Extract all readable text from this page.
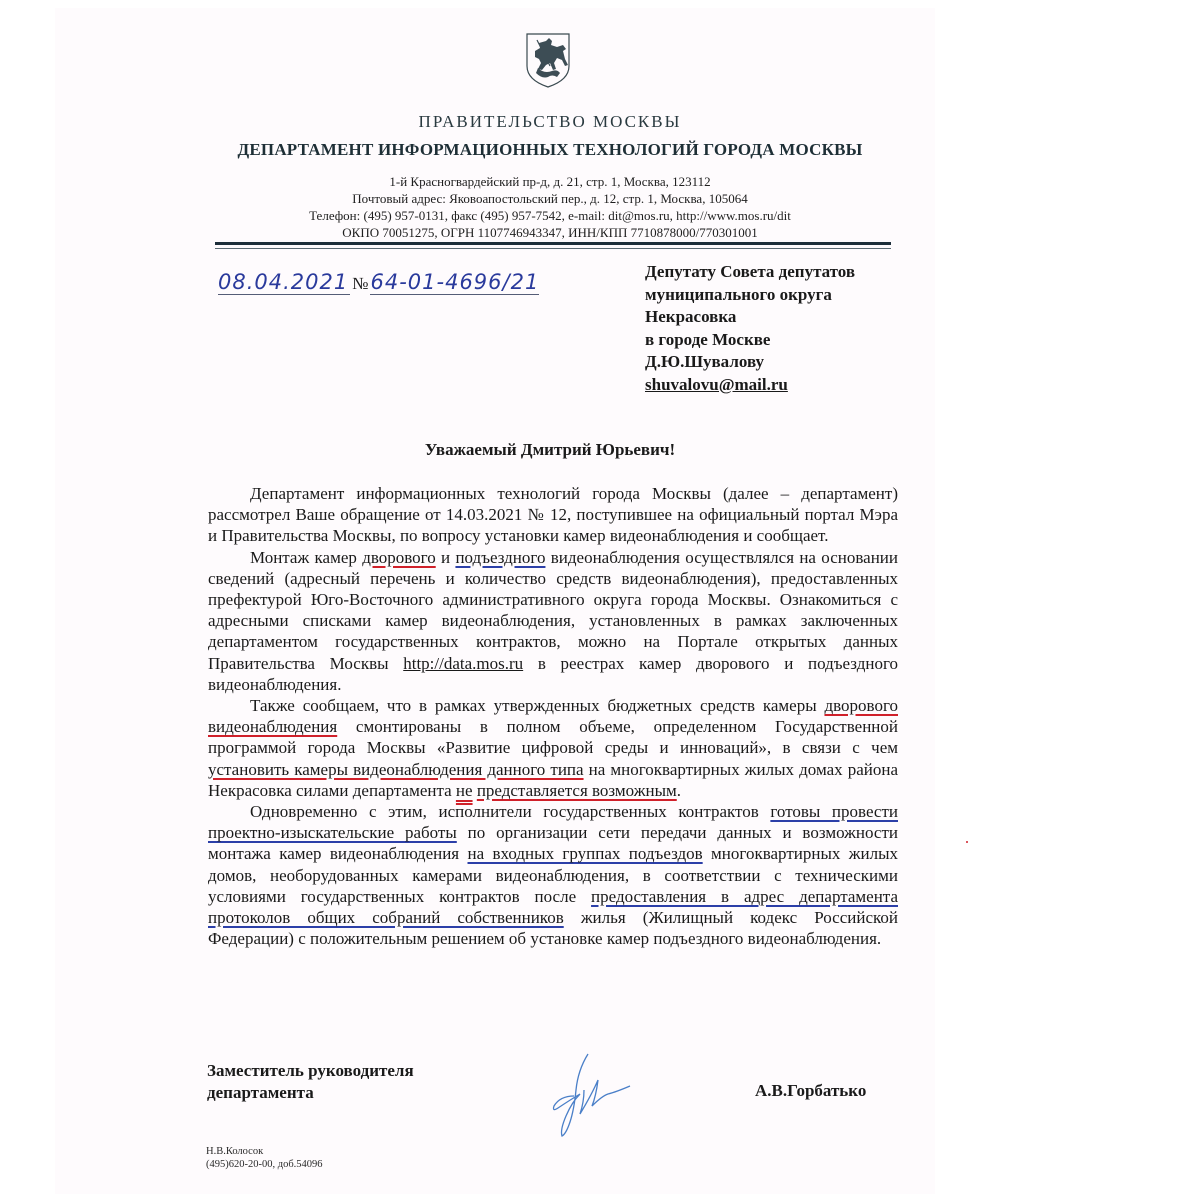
ПРАВИТЕЛЬСТВО МОСКВЫ
ДЕПАРТАМЕНТ ИНФОРМАЦИОННЫХ ТЕХНОЛОГИЙ ГОРОДА МОСКВЫ
1-й Красногвардейский пр-д, д. 21, стр. 1, Москва, 123112
Почтовый адрес: Яковоапостольский пер., д. 12, стр. 1, Москва, 105064
Телефон: (495) 957-0131, факс (495) 957-7542, e-mail: dit@mos.ru, http://www.mos.ru/dit
ОКПО 70051275, ОГРН 1107746943347, ИНН/КПП 7710878000/770301001
08.04.2021 №64-01-4696/21	Депутату Совета депутатов
муниципального округа
Некрасовка
в городе Москве
Д.Ю.Шувалову
shuvalovu@mail.ru
Уважаемый Дмитрий Юрьевич!

Департамент информационных технологий города Москвы (далее – департамент) рассмотрел Ваше обращение от 14.03.2021 № 12, поступившее на официальный портал Мэра и Правительства Москвы, по вопросу установки камер видеонаблюдения и сообщает.

Монтаж камер дворового и подъездного видеонаблюдения осуществлялся на основании сведений (адресный перечень и количество средств видеонаблюдения), предоставленных префектурой Юго-Восточного административного округа города Москвы. Ознакомиться с адресными списками камер видеонаблюдения, установленных в рамках заключенных департаментом государственных контрактов, можно на Портале открытых данных Правительства Москвы http://data.mos.ru в реестрах камер дворового и подъездного видеонаблюдения.

Также сообщаем, что в рамках утвержденных бюджетных средств камеры дворового видеонаблюдения смонтированы в полном объеме, определенном Государственной программой города Москвы «Развитие цифровой среды и инноваций», в связи с чем установить камеры видеонаблюдения данного типа на многоквартирных жилых домах района Некрасовка силами департамента не представляется возможным.

Одновременно с этим, исполнители государственных контрактов готовы провести проектно-изыскательские работы по организации сети передачи данных и возможности монтажа камер видеонаблюдения на входных группах подъездов многоквартирных жилых домов, необорудованных камерами видеонаблюдения, в соответствии с техническими условиями государственных контрактов после предоставления в адрес департамента протоколов общих собраний собственников жилья (Жилищный кодекс Российской Федерации) с положительным решением об установке камер подъездного видеонаблюдения.

Заместитель руководителя
департамента	А.В.Горбатько
Н.В.Колосок
(495)620-20-00, доб.54096
